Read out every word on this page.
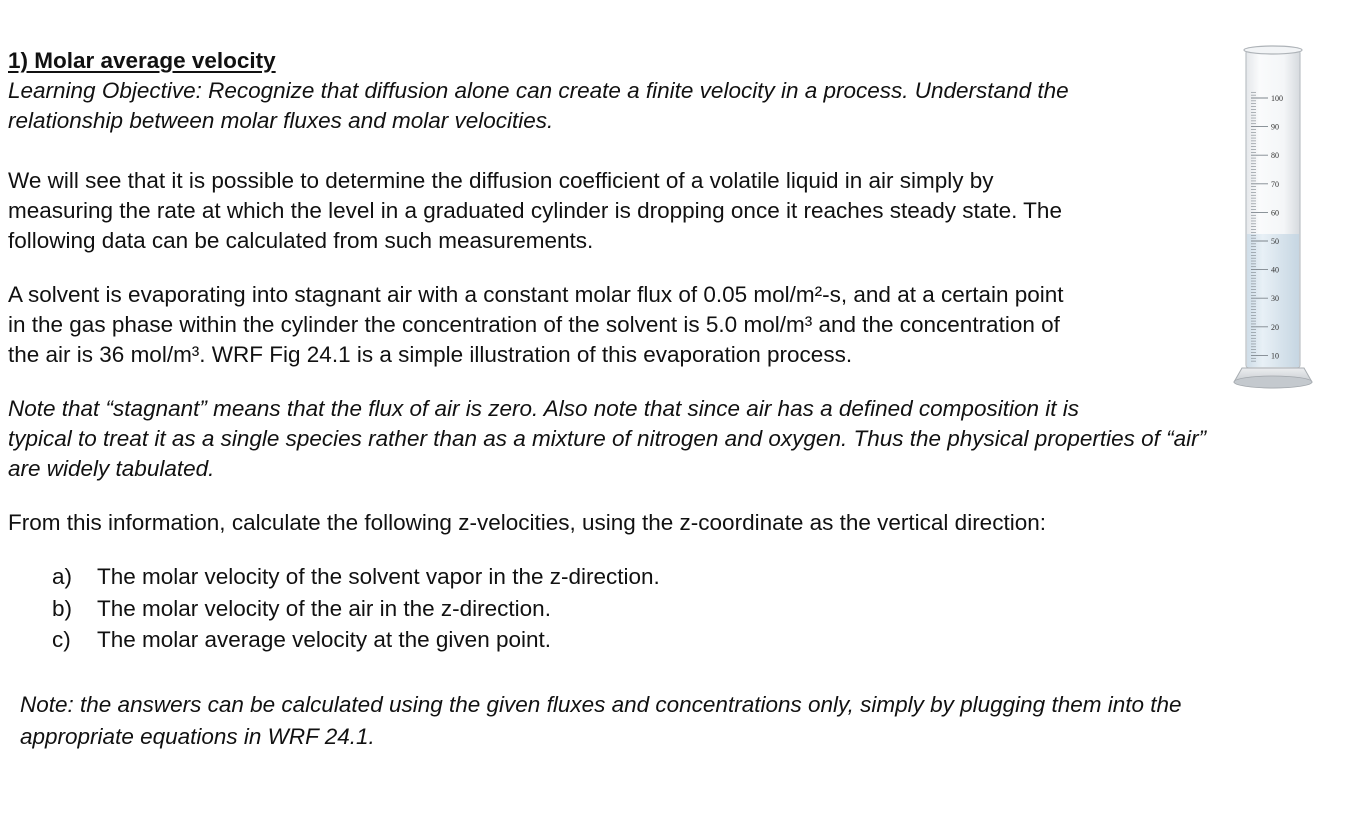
1) Molar average velocity
Learning Objective: Recognize that diffusion alone can create a finite velocity in a process. Understand the
relationship between molar fluxes and molar velocities.
We will see that it is possible to determine the diffusion coefficient of a volatile liquid in air simply by
measuring the rate at which the level in a graduated cylinder is dropping once it reaches steady state. The
following data can be calculated from such measurements.
A solvent is evaporating into stagnant air with a constant molar flux of 0.05 mol/m²-s, and at a certain point
in the gas phase within the cylinder the concentration of the solvent is 5.0 mol/m³ and the concentration of
the air is 36 mol/m³. WRF Fig 24.1 is a simple illustration of this evaporation process.
Note that “stagnant” means that the flux of air is zero. Also note that since air has a defined composition it is
typical to treat it as a single species rather than as a mixture of nitrogen and oxygen. Thus the physical properties of “air”
are widely tabulated.
From this information, calculate the following z-velocities, using the z-coordinate as the vertical direction:
a) The molar velocity of the solvent vapor in the z-direction.
b) The molar velocity of the air in the z-direction.
c) The molar average velocity at the given point.
Note: the answers can be calculated using the given fluxes and concentrations only, simply by plugging them into the
appropriate equations in WRF 24.1.
100
90
80
70
60
50
40
30
20
10
